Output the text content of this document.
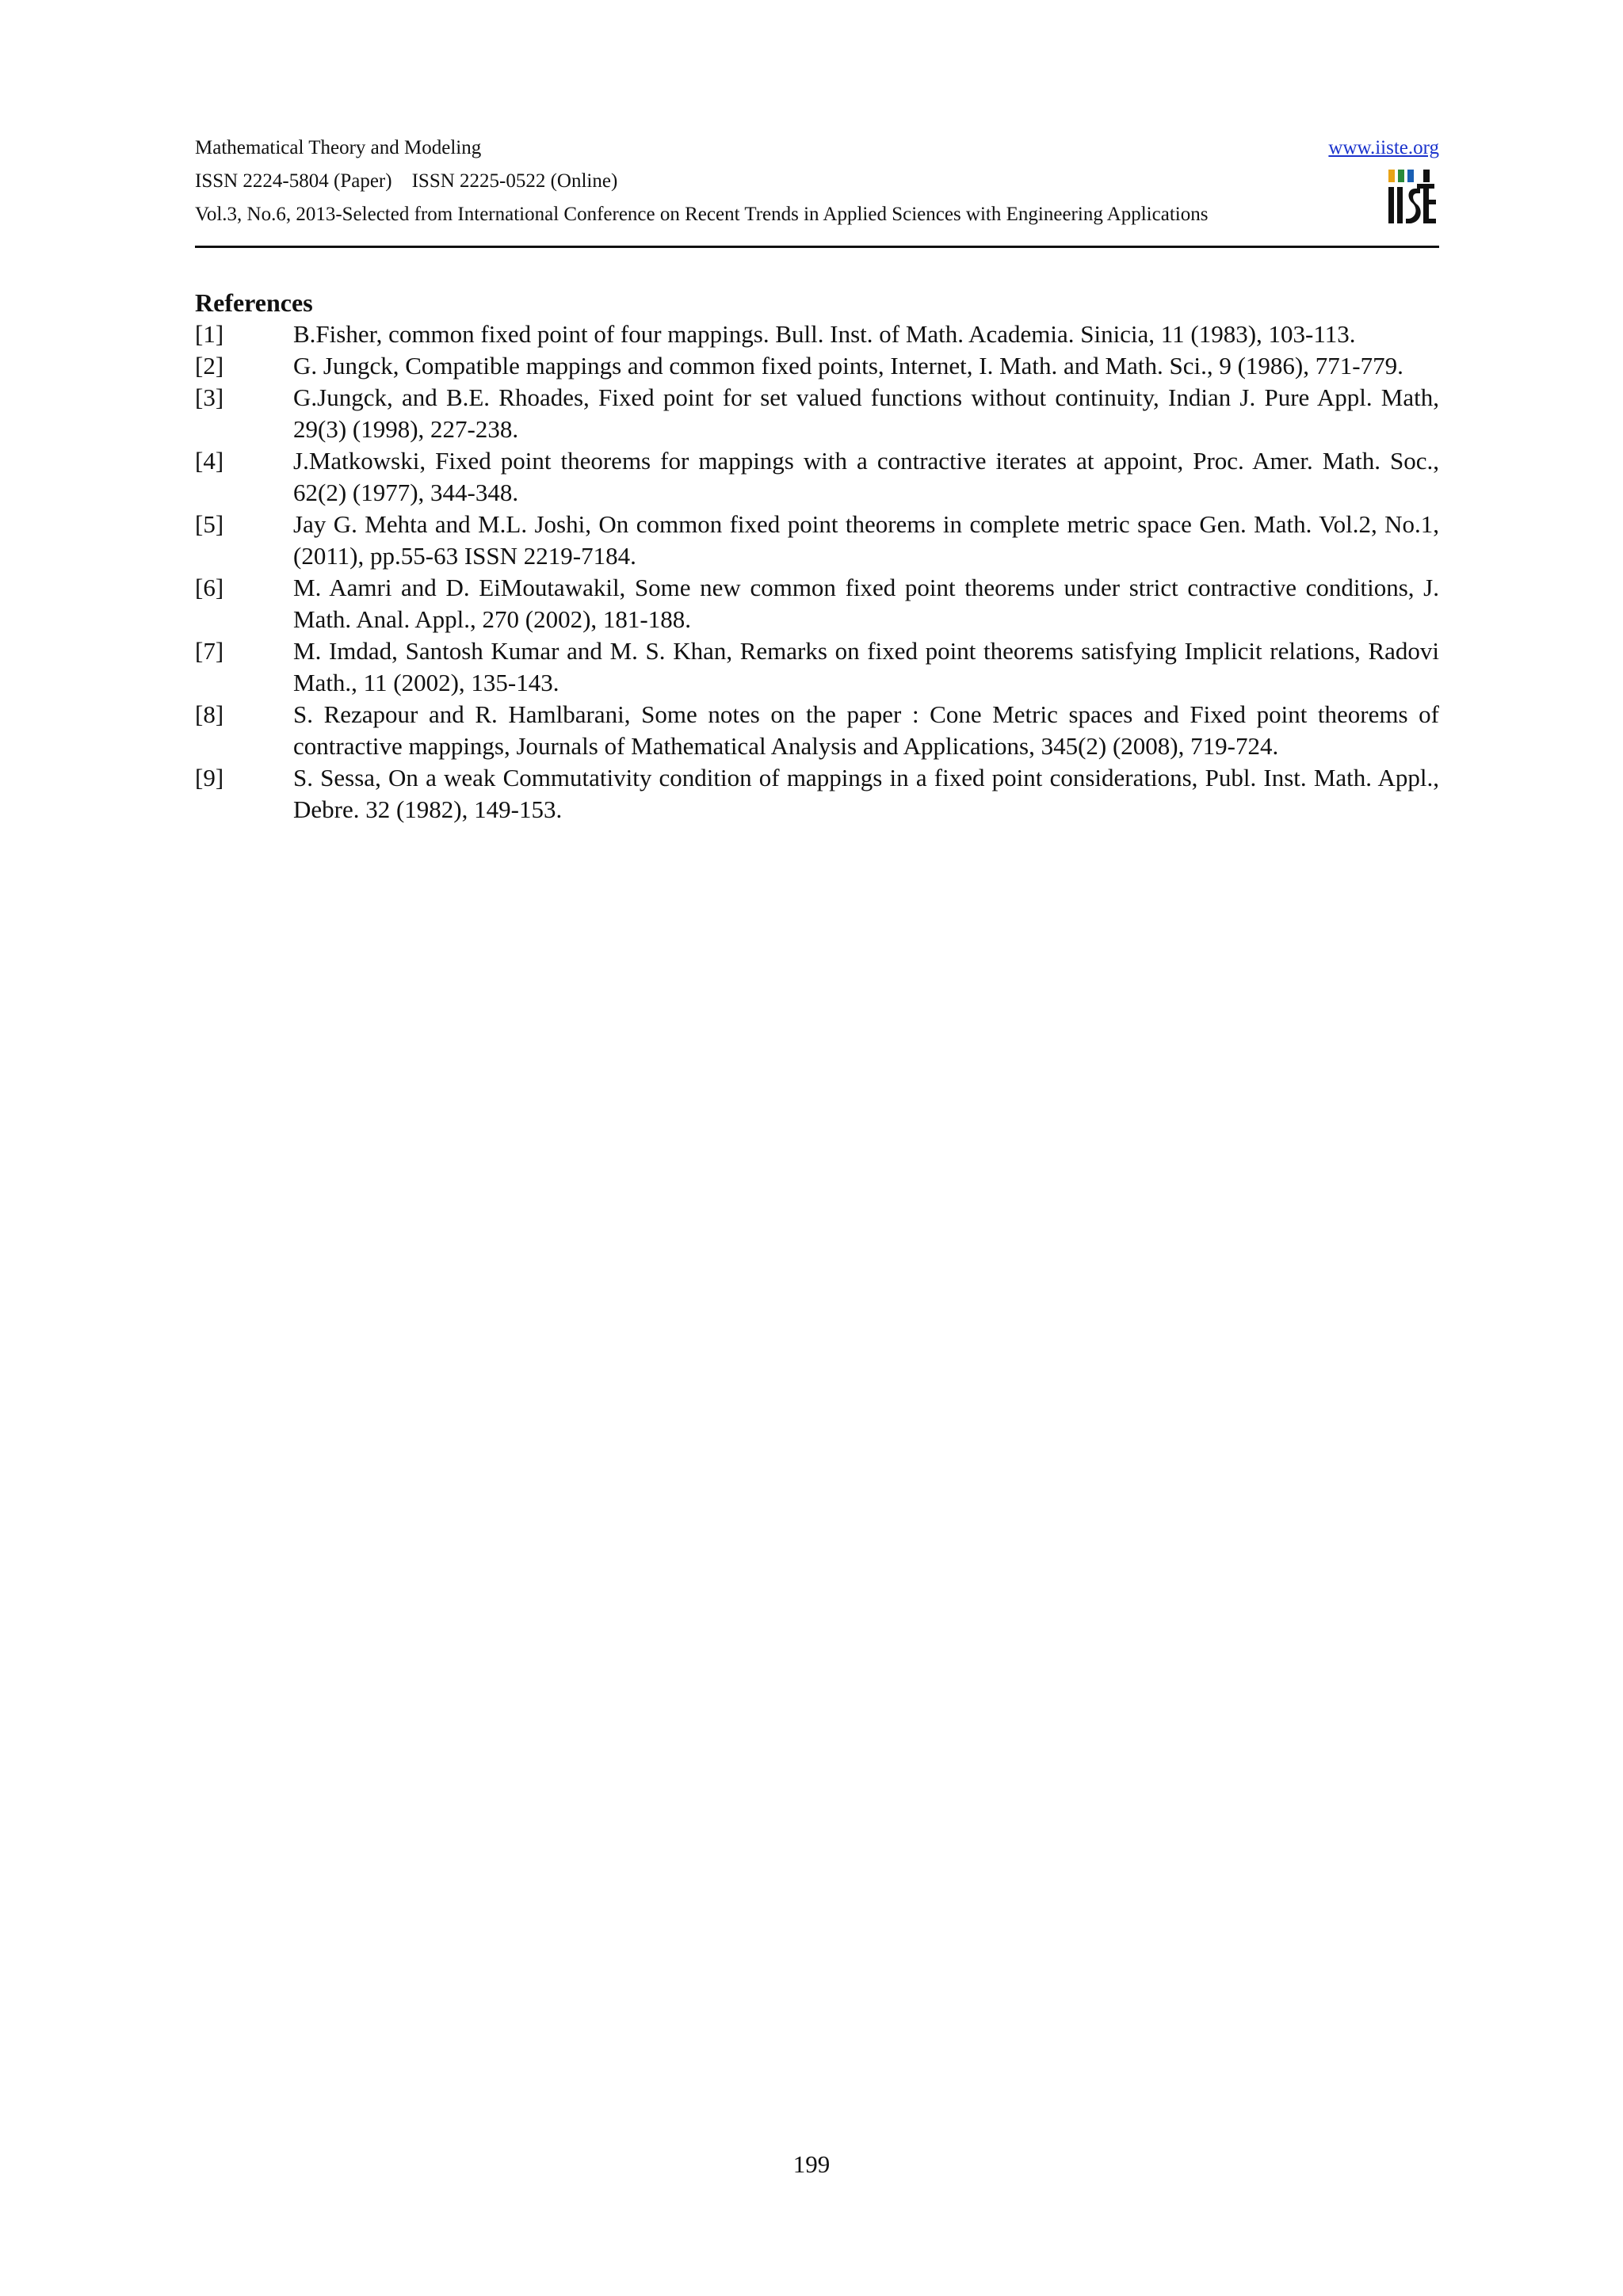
Mathematical Theory and Modeling
ISSN 2224-5804 (Paper)    ISSN 2225-0522 (Online)
Vol.3, No.6, 2013-Selected from International Conference on Recent Trends in Applied Sciences with Engineering Applications
www.iiste.org
References
[1]	B.Fisher, common fixed point of four mappings. Bull. Inst. of Math. Academia. Sinicia, 11 (1983), 103-113.
[2]	G. Jungck, Compatible mappings and common fixed points, Internet, I. Math. and Math. Sci., 9 (1986), 771-779.
[3]	G.Jungck, and B.E. Rhoades, Fixed point for set valued functions without continuity, Indian J. Pure Appl. Math, 29(3) (1998), 227-238.
[4]	J.Matkowski, Fixed point theorems for mappings with a contractive iterates at appoint, Proc. Amer. Math. Soc., 62(2) (1977), 344-348.
[5]	Jay G. Mehta and M.L. Joshi, On common fixed point theorems in complete metric space Gen. Math. Vol.2, No.1, (2011), pp.55-63 ISSN 2219-7184.
[6]	M. Aamri and D. EiMoutawakil, Some new common fixed point theorems under strict contractive conditions, J. Math. Anal. Appl., 270 (2002), 181-188.
[7]	M. Imdad, Santosh Kumar and M. S. Khan, Remarks on fixed point theorems satisfying Implicit relations, Radovi Math., 11 (2002), 135-143.
[8]	S. Rezapour and R. Hamlbarani, Some notes on the paper : Cone Metric spaces and Fixed point theorems of contractive mappings, Journals of Mathematical Analysis and Applications, 345(2) (2008), 719-724.
[9]	S. Sessa, On a weak Commutativity condition of mappings in a fixed point considerations, Publ. Inst. Math. Appl., Debre. 32 (1982), 149-153.
199
